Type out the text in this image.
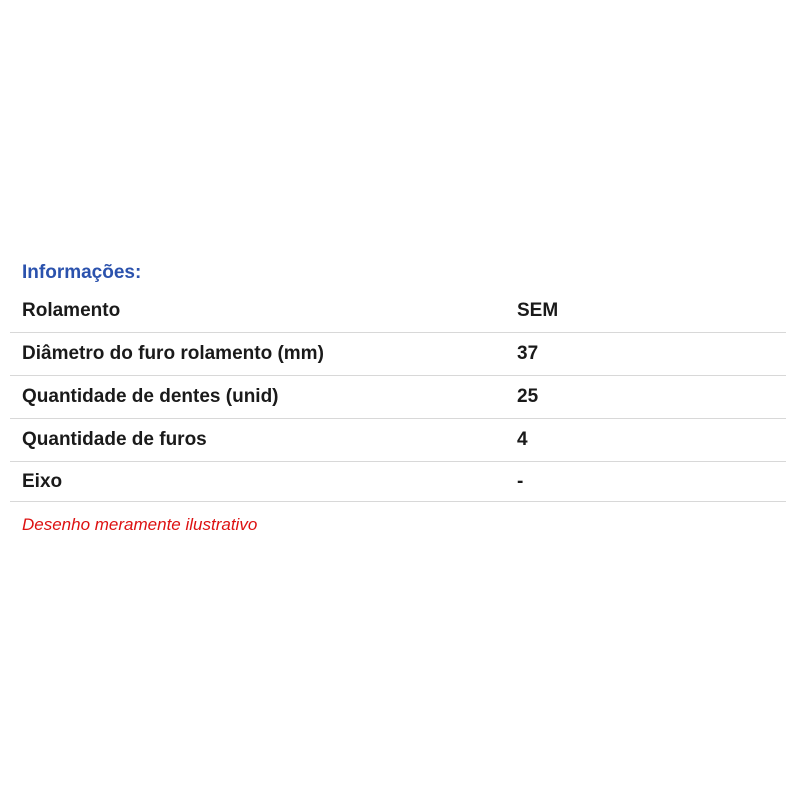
Informações:
Rolamento	SEM
Diâmetro do furo rolamento (mm)	37
Quantidade de dentes (unid)	25
Quantidade de furos	4
Eixo	-
Desenho meramente ilustrativo
